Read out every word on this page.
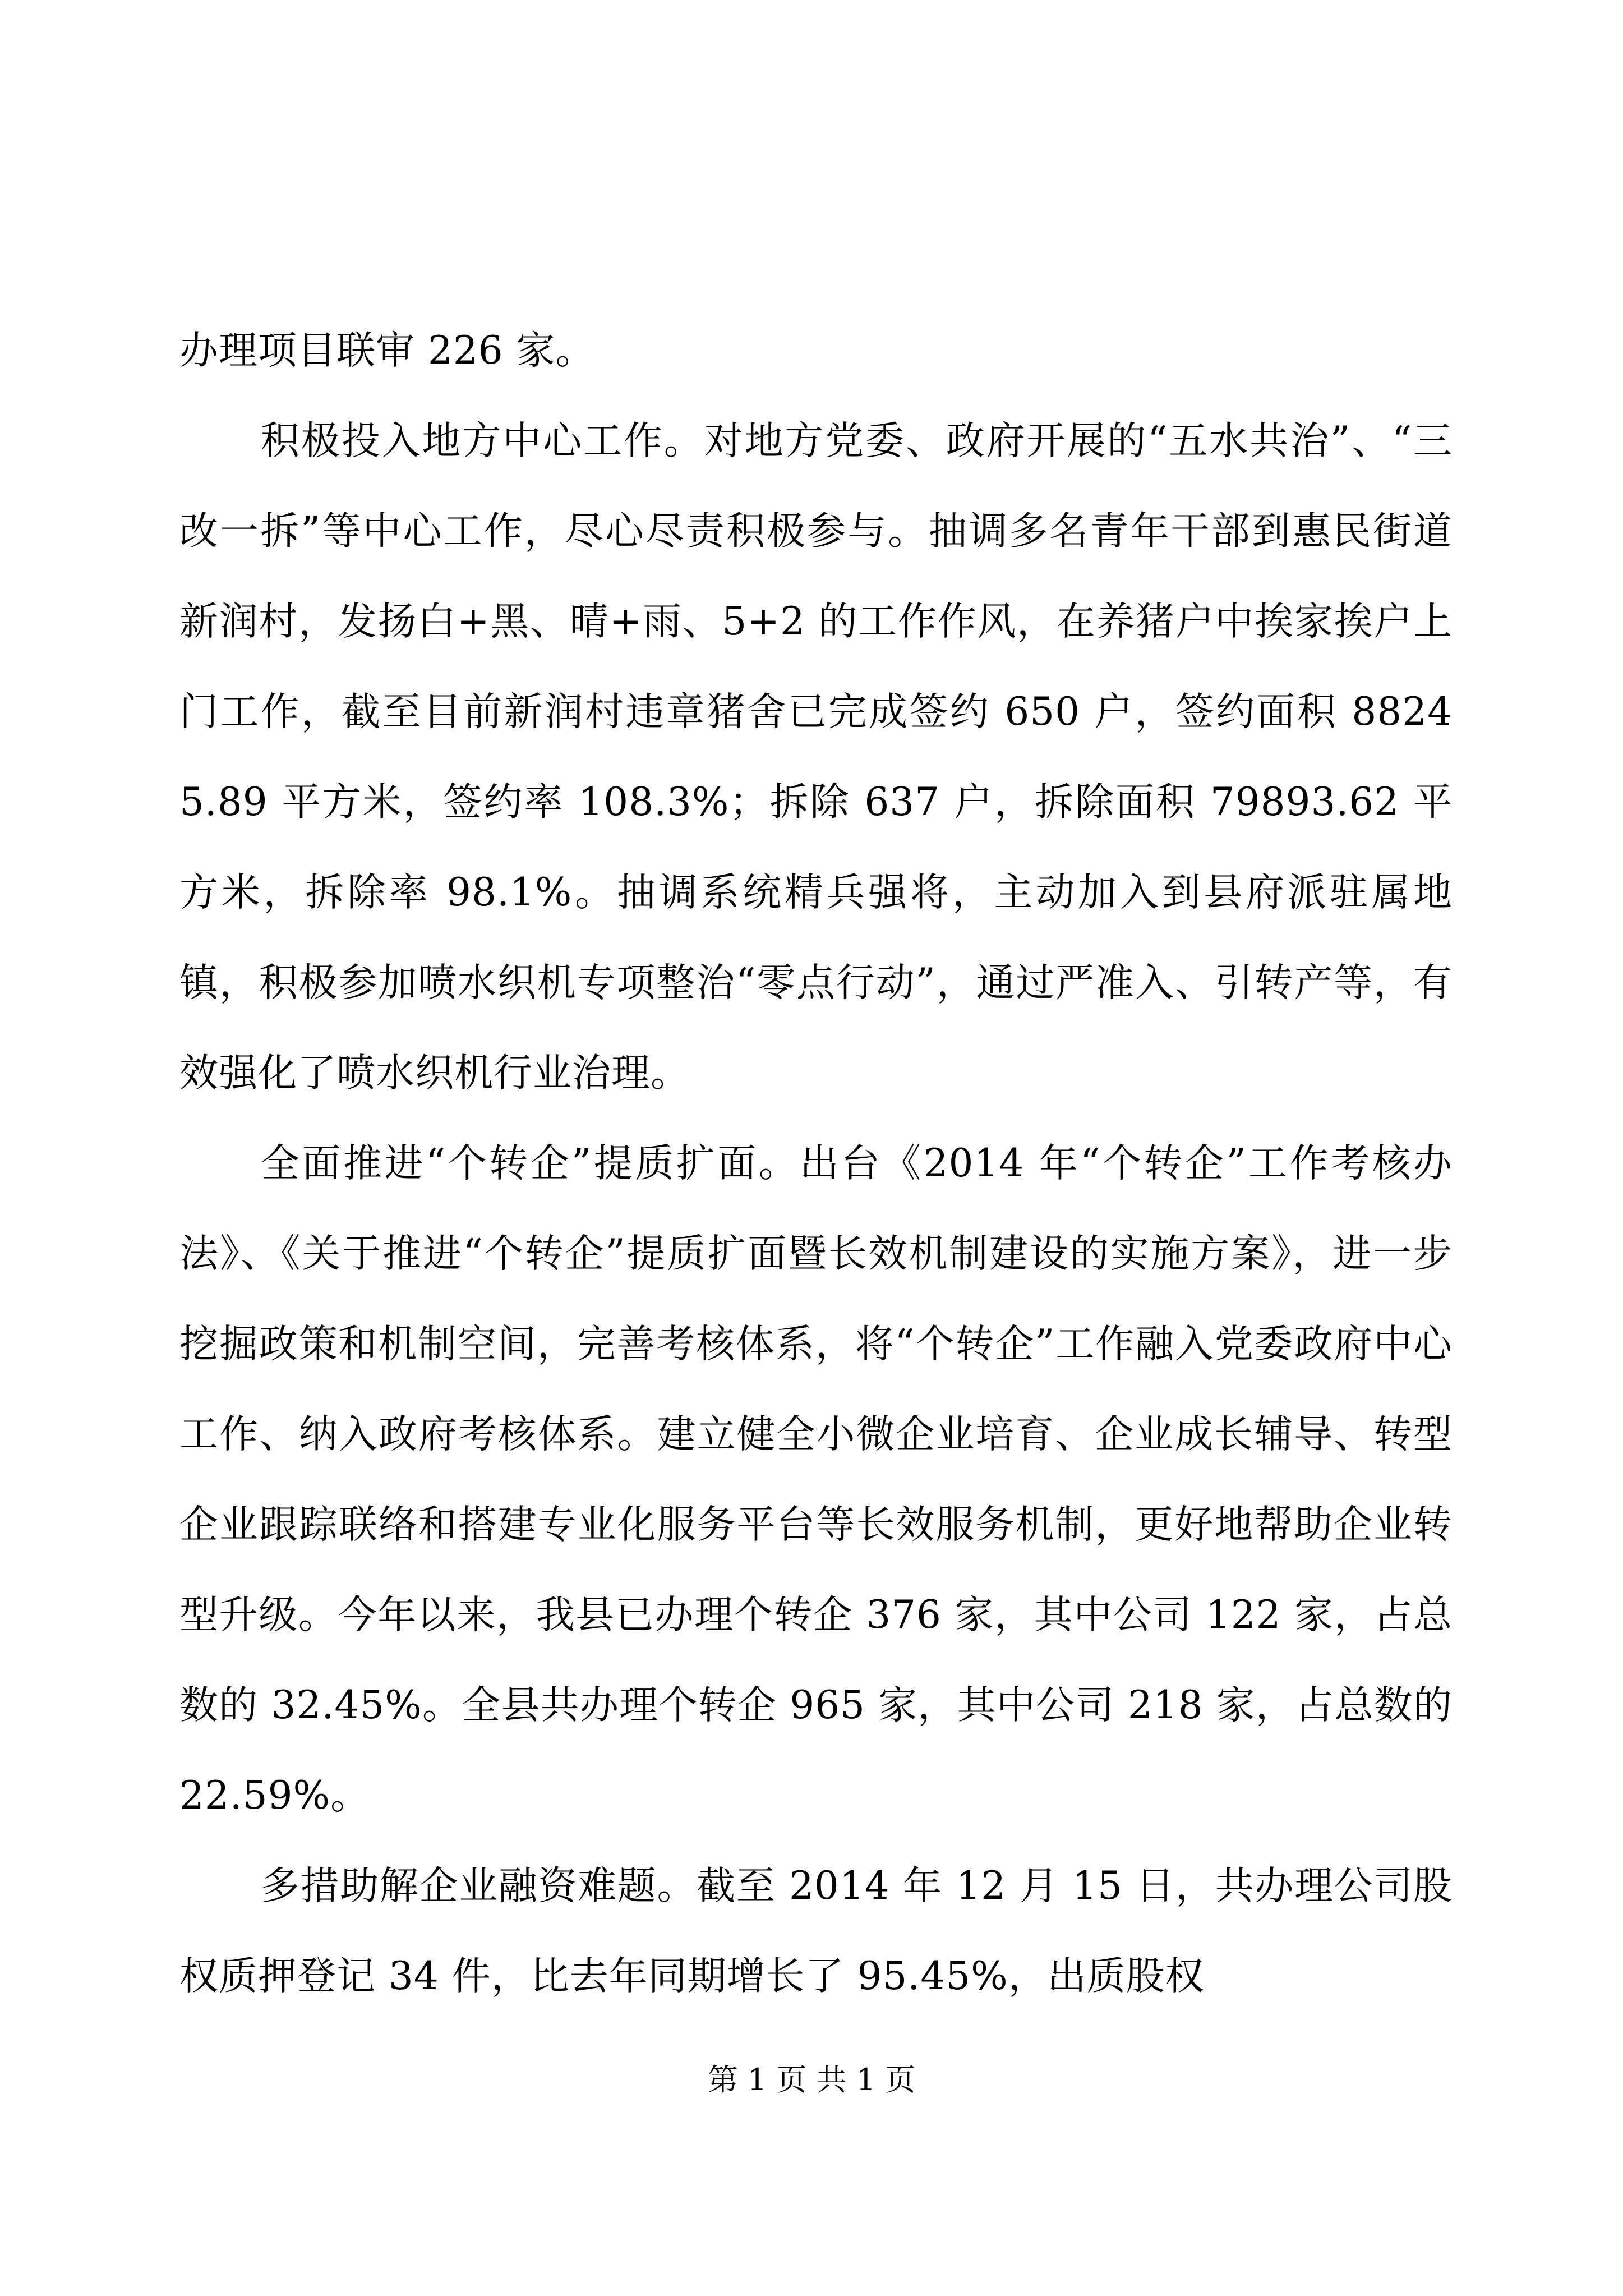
办理项目联审 226 家。

积极投入地方中心工作。对地方党委、政府开展的“五水共治”、“三改一拆”等中心工作，尽心尽责积极参与。抽调多名青年干部到惠民街道新润村，发扬白+黑、晴+雨、5+2 的工作作风，在养猪户中挨家挨户上门工作，截至目前新润村违章猪舍已完成签约 650 户，签约面积 88245.89 平方米，签约率 108.3%；拆除 637 户，拆除面积 79893.62 平方米，拆除率 98.1%。抽调系统精兵强将，主动加入到县府派驻属地镇，积极参加喷水织机专项整治“零点行动”，通过严准入、引转产等，有效强化了喷水织机行业治理。

全面推进“个转企”提质扩面。出台《2014 年“个转企”工作考核办法》、《关于推进“个转企”提质扩面暨长效机制建设的实施方案》，进一步挖掘政策和机制空间，完善考核体系，将“个转企”工作融入党委政府中心工作、纳入政府考核体系。建立健全小微企业培育、企业成长辅导、转型企业跟踪联络和搭建专业化服务平台等长效服务机制，更好地帮助企业转型升级。今年以来，我县已办理个转企 376 家，其中公司 122 家，占总数的 32.45%。全县共办理个转企 965 家，其中公司 218 家，占总数的 22.59%。

多措助解企业融资难题。截至 2014 年 12 月 15 日，共办理公司股权质押登记 34 件，比去年同期增长了 95.45%，出质股权

第 1 页 共 1 页
